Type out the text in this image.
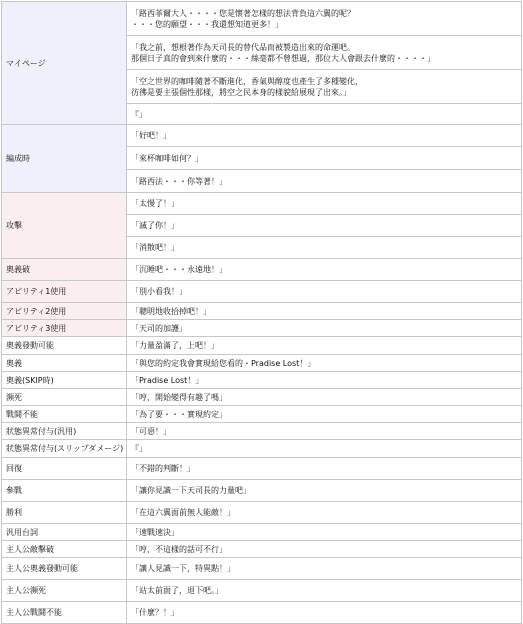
マイページ	「路西菲爾大人・・・・您是懷著怎樣的想法背負這六翼的呢？
・・・您的願望・・・我還想知道更多！」
	「我之前，想根著作為天司長的替代品而被製造出來的命運吧。
那個日子真的會到來什麼的・・・絲毫都不曾想過，那位大人會跟去什麼的・・・・」
	「空之世界的咖啡隨著不斷進化，香氣與醇度也產生了多種變化，
彷彿是要主張個性那樣，將空之民本身的樣貌給展現了出來。」
	『」
編成時	「好吧！」
	「來杯咖啡如何？」
	「路西法・・・你等著！」
攻擊	「太慢了！」
	「滅了你！」
	「消散吧！」
奧義破	「沉睡吧・・・永遠地！」
アビリティ1使用	「別小看我！」
アビリティ2使用	「聰明地收拾掉吧！」
アビリティ3使用	「天司的加護」
奧義發動可能	「力量盈滿了，上吧！」
奧義	「與您的約定我會實現給您看的・Pradise Lost！」
奧義(SKIP時)	「Pradise Lost！」
瀕死	「哼，開始變得有趣了嗎」
戰鬪不能	「為了要・・・實現約定」
狀態異常付与(汎用)	「可惡！」
狀態異常付与(スリップダメージ)	『」
回復	「不錯的判斷！」
參戰	「讓你見識一下天司長的力量吧」
勝利	「在這六翼面前無人能敵！」
汎用台詞	「速戰速決」
主人公敵擊破	「哼，不這樣的話可不行」
主人公奧義發動可能	「讓人見識一下，特異點！」
主人公瀕死	「站太前面了，退下吧。」
主人公戰鬪不能	「什麼？！」
